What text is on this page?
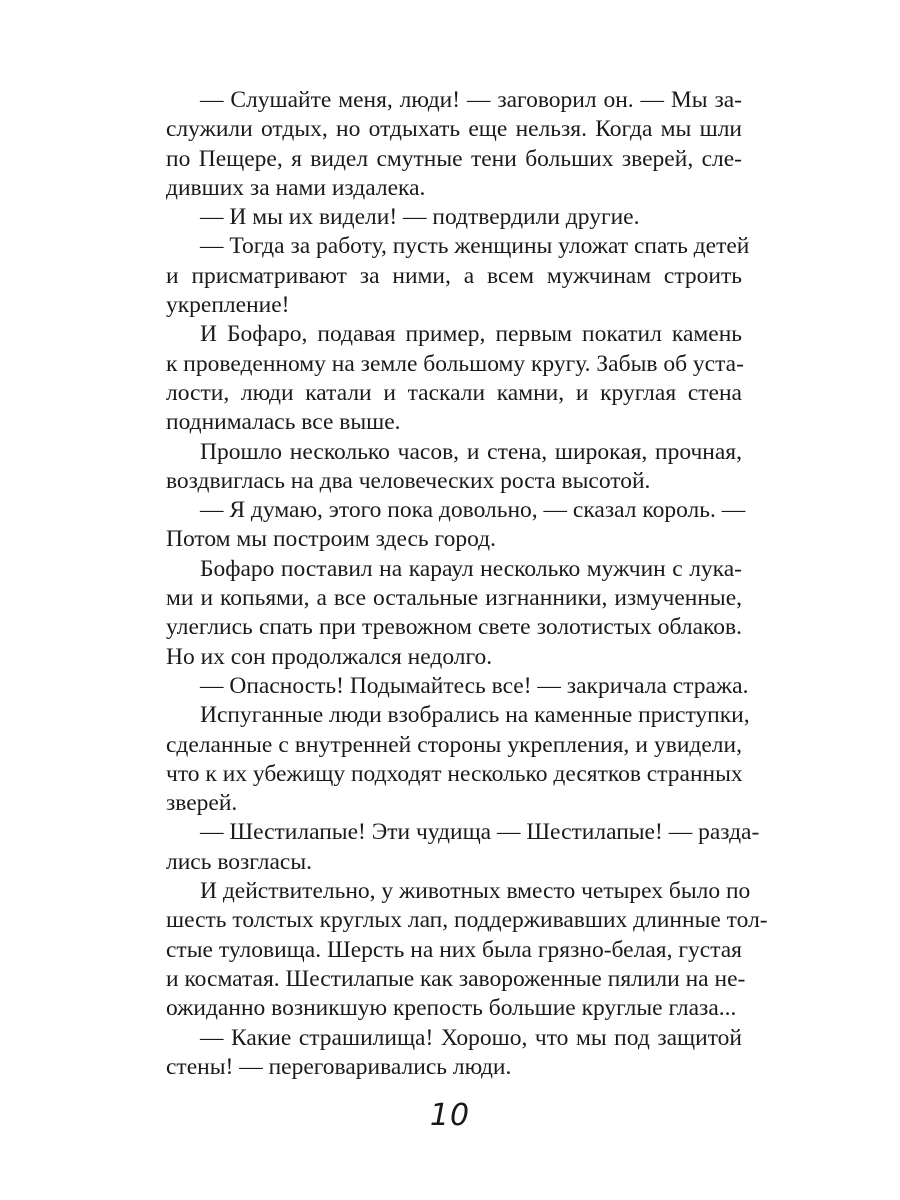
— Слушайте меня, люди! — заговорил он. — Мы за-
служили отдых, но отдыхать еще нельзя. Когда мы шли
по Пещере, я видел смутные тени больших зверей, сле-
дивших за нами издалека.
— И мы их видели! — подтвердили другие.
— Тогда за работу, пусть женщины уложат спать детей
и присматривают за ними, а всем мужчинам строить
укрепление!
И Бофаро, подавая пример, первым покатил камень
к проведенному на земле большому кругу. Забыв об уста-
лости, люди катали и таскали камни, и круглая стена
поднималась все выше.
Прошло несколько часов, и стена, широкая, прочная,
воздвиглась на два человеческих роста высотой.
— Я думаю, этого пока довольно, — сказал король. —
Потом мы построим здесь город.
Бофаро поставил на караул несколько мужчин с лука-
ми и копьями, а все остальные изгнанники, измученные,
улеглись спать при тревожном свете золотистых облаков.
Но их сон продолжался недолго.
— Опасность! Подымайтесь все! — закричала стража.
Испуганные люди взобрались на каменные приступки,
сделанные с внутренней стороны укрепления, и увидели,
что к их убежищу подходят несколько десятков странных
зверей.
— Шестилапые! Эти чудища — Шестилапые! — разда-
лись возгласы.
И действительно, у животных вместо четырех было по
шесть толстых круглых лап, поддерживавших длинные тол-
стые туловища. Шерсть на них была грязно-белая, густая
и косматая. Шестилапые как завороженные пялили на не-
ожиданно возникшую крепость большие круглые глаза...
— Какие страшилища! Хорошо, что мы под защитой
стены! — переговаривались люди.
10
